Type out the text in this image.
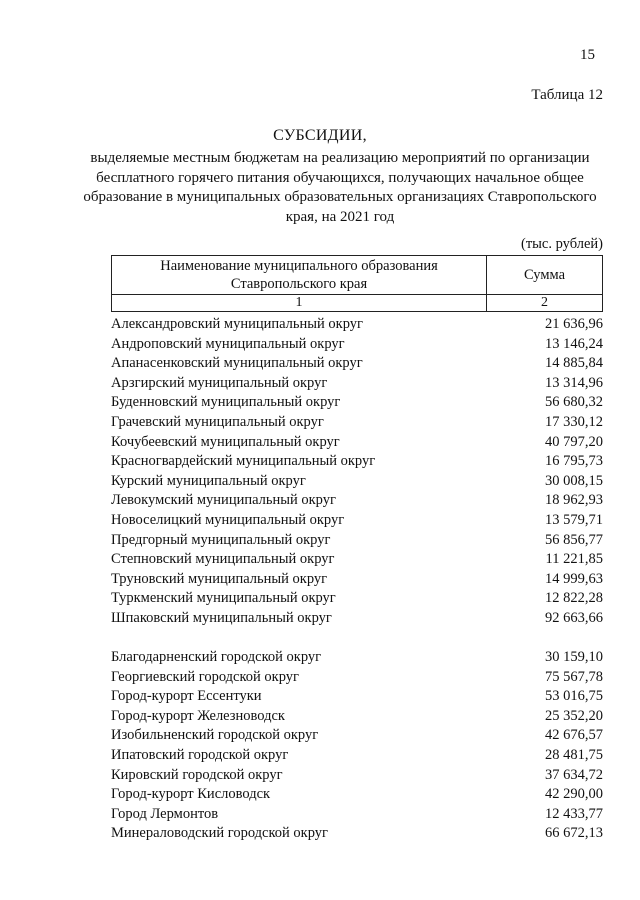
15
Таблица 12
СУБСИДИИ,
выделяемые местным бюджетам на реализацию мероприятий по организации бесплатного горячего питания обучающихся, получающих начальное общее образование в муниципальных образовательных организациях Ставропольского края, на 2021 год
(тыс. рублей)
Наименование муниципального образования Ставропольского края	Сумма
1	2
Александровский муниципальный округ	21 636,96
Андроповский муниципальный округ	13 146,24
Апанасенковский муниципальный округ	14 885,84
Арзгирский муниципальный округ	13 314,96
Буденновский муниципальный округ	56 680,32
Грачевский муниципальный округ	17 330,12
Кочубеевский муниципальный округ	40 797,20
Красногвардейский муниципальный округ	16 795,73
Курский муниципальный округ	30 008,15
Левокумский муниципальный округ	18 962,93
Новоселицкий муниципальный округ	13 579,71
Предгорный муниципальный округ	56 856,77
Степновский муниципальный округ	11 221,85
Труновский муниципальный округ	14 999,63
Туркменский муниципальный округ	12 822,28
Шпаковский муниципальный округ	92 663,66
Благодарненский городской округ	30 159,10
Георгиевский городской округ	75 567,78
Город-курорт Ессентуки	53 016,75
Город-курорт Железноводск	25 352,20
Изобильненский городской округ	42 676,57
Ипатовский городской округ	28 481,75
Кировский городской округ	37 634,72
Город-курорт Кисловодск	42 290,00
Город Лермонтов	12 433,77
Минераловодский городской округ	66 672,13
